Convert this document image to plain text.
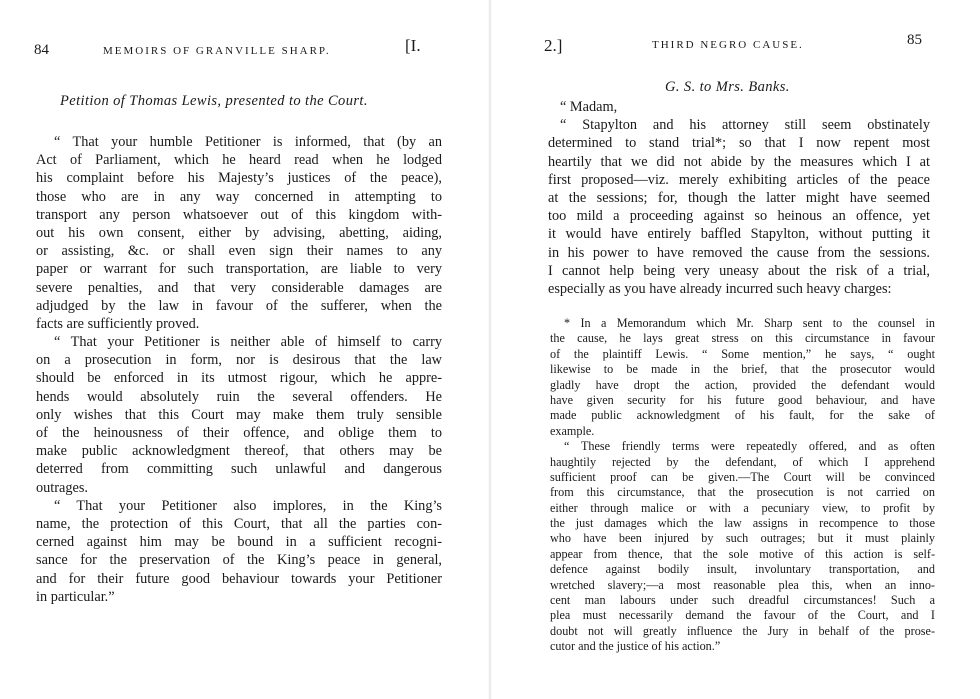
84	MEMOIRS OF GRANVILLE SHARP.	[I.
Petition of Thomas Lewis, presented to the Court.
“ That your humble Petitioner is informed, that (by an
Act of Parliament, which he heard read when he lodged
his complaint before his Majesty’s justices of the peace),
those who are in any way concerned in attempting to
transport any person whatsoever out of this kingdom with-
out his own consent, either by advising, abetting, aiding,
or assisting, &c. or shall even sign their names to any
paper or warrant for such transportation, are liable to very
severe penalties, and that very considerable damages are
adjudged by the law in favour of the sufferer, when the
facts are sufficiently proved.
“ That your Petitioner is neither able of himself to carry
on a prosecution in form, nor is desirous that the law
should be enforced in its utmost rigour, which he appre-
hends would absolutely ruin the several offenders. He
only wishes that this Court may make them truly sensible
of the heinousness of their offence, and oblige them to
make public acknowledgment thereof, that others may be
deterred from committing such unlawful and dangerous
outrages.
“ That your Petitioner also implores, in the King’s
name, the protection of this Court, that all the parties con-
cerned against him may be bound in a sufficient recogni-
sance for the preservation of the King’s peace in general,
and for their future good behaviour towards your Petitioner
in particular.”
2.]	THIRD NEGRO CAUSE.	85
G. S. to Mrs. Banks.
“ Madam,
“ Stapylton and his attorney still seem obstinately
determined to stand trial*; so that I now repent most
heartily that we did not abide by the measures which I at
first proposed—viz. merely exhibiting articles of the peace
at the sessions; for, though the latter might have seemed
too mild a proceeding against so heinous an offence, yet
it would have entirely baffled Stapylton, without putting it
in his power to have removed the cause from the sessions.
I cannot help being very uneasy about the risk of a trial,
especially as you have already incurred such heavy charges:
* In a Memorandum which Mr. Sharp sent to the counsel in
the cause, he lays great stress on this circumstance in favour
of the plaintiff Lewis. “ Some mention,” he says, “ ought
likewise to be made in the brief, that the prosecutor would
gladly have dropt the action, provided the defendant would
have given security for his future good behaviour, and have
made public acknowledgment of his fault, for the sake of
example.
“ These friendly terms were repeatedly offered, and as often
haughtily rejected by the defendant, of which I apprehend
sufficient proof can be given.—The Court will be convinced
from this circumstance, that the prosecution is not carried on
either through malice or with a pecuniary view, to profit by
the just damages which the law assigns in recompence to those
who have been injured by such outrages; but it must plainly
appear from thence, that the sole motive of this action is self-
defence against bodily insult, involuntary transportation, and
wretched slavery;—a most reasonable plea this, when an inno-
cent man labours under such dreadful circumstances! Such a
plea must necessarily demand the favour of the Court, and I
doubt not will greatly influence the Jury in behalf of the prose-
cutor and the justice of his action.”
